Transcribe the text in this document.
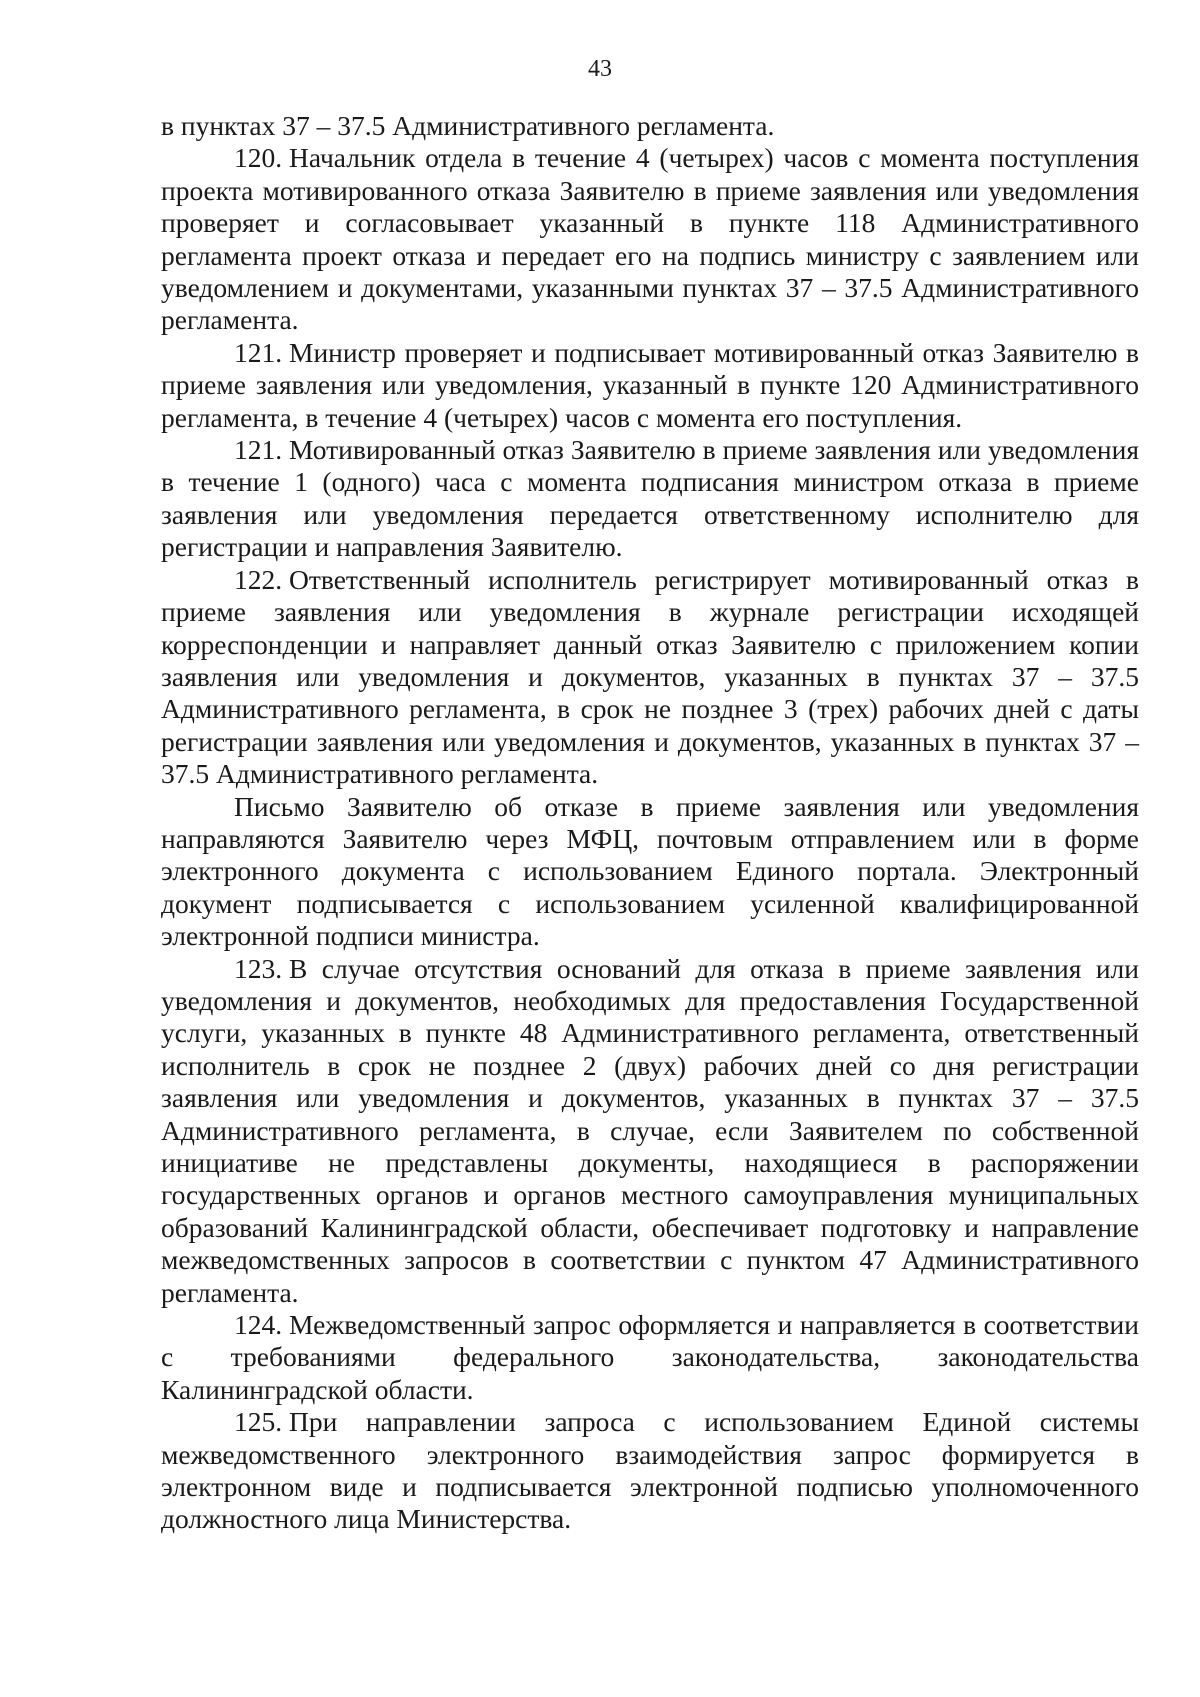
43

в пунктах 37 – 37.5 Административного регламента.

120. Начальник отдела в течение 4 (четырех) часов с момента поступления проекта мотивированного отказа Заявителю в приеме заявления или уведомления проверяет и согласовывает указанный в пункте 118 Административного регламента проект отказа и передает его на подпись министру с заявлением или уведомлением и документами, указанными пунктах 37 – 37.5 Административного регламента.

121. Министр проверяет и подписывает мотивированный отказ Заявителю в приеме заявления или уведомления, указанный в пункте 120 Административного регламента, в течение 4 (четырех) часов с момента его поступления.

121. Мотивированный отказ Заявителю в приеме заявления или уведомления в течение 1 (одного) часа с момента подписания министром отказа в приеме заявления или уведомления передается ответственному исполнителю для регистрации и направления Заявителю.

122. Ответственный исполнитель регистрирует мотивированный отказ в приеме заявления или уведомления в журнале регистрации исходящей корреспонденции и направляет данный отказ Заявителю с приложением копии заявления или уведомления и документов, указанных в пунктах 37 – 37.5 Административного регламента, в срок не позднее 3 (трех) рабочих дней с даты регистрации заявления или уведомления и документов, указанных в пунктах 37 – 37.5 Административного регламента.

Письмо Заявителю об отказе в приеме заявления или уведомления направляются Заявителю через МФЦ, почтовым отправлением или в форме электронного документа с использованием Единого портала. Электронный документ подписывается с использованием усиленной квалифицированной электронной подписи министра.

123. В случае отсутствия оснований для отказа в приеме заявления или уведомления и документов, необходимых для предоставления Государственной услуги, указанных в пункте 48 Административного регламента, ответственный исполнитель в срок не позднее 2 (двух) рабочих дней со дня регистрации заявления или уведомления и документов, указанных в пунктах 37 – 37.5 Административного регламента, в случае, если Заявителем по собственной инициативе не представлены документы, находящиеся в распоряжении государственных органов и органов местного самоуправления муниципальных образований Калининградской области, обеспечивает подготовку и направление межведомственных запросов в соответствии с пунктом 47 Административного регламента.

124. Межведомственный запрос оформляется и направляется в соответствии с требованиями федерального законодательства, законодательства Калининградской области.

125. При направлении запроса с использованием Единой системы межведомственного электронного взаимодействия запрос формируется в электронном виде и подписывается электронной подписью уполномоченного должностного лица Министерства.
